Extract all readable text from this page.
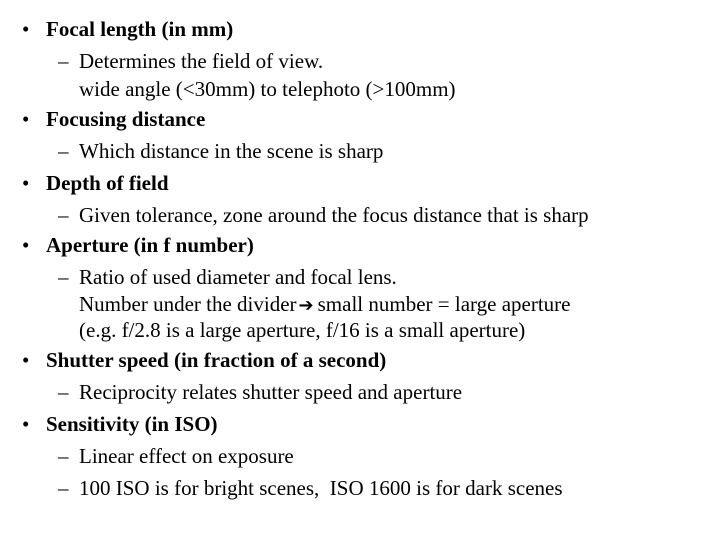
• Focal length (in mm)
– Determines the field of view.
wide angle (<30mm) to telephoto (>100mm)
• Focusing distance
– Which distance in the scene is sharp
• Depth of field
– Given tolerance, zone around the focus distance that is sharp
• Aperture (in f number)
– Ratio of used diameter and focal lens.
Number under the divider ➔ small number = large aperture
(e.g. f/2.8 is a large aperture, f/16 is a small aperture)
• Shutter speed (in fraction of a second)
– Reciprocity relates shutter speed and aperture
• Sensitivity (in ISO)
– Linear effect on exposure
– 100 ISO is for bright scenes,  ISO 1600 is for dark scenes
